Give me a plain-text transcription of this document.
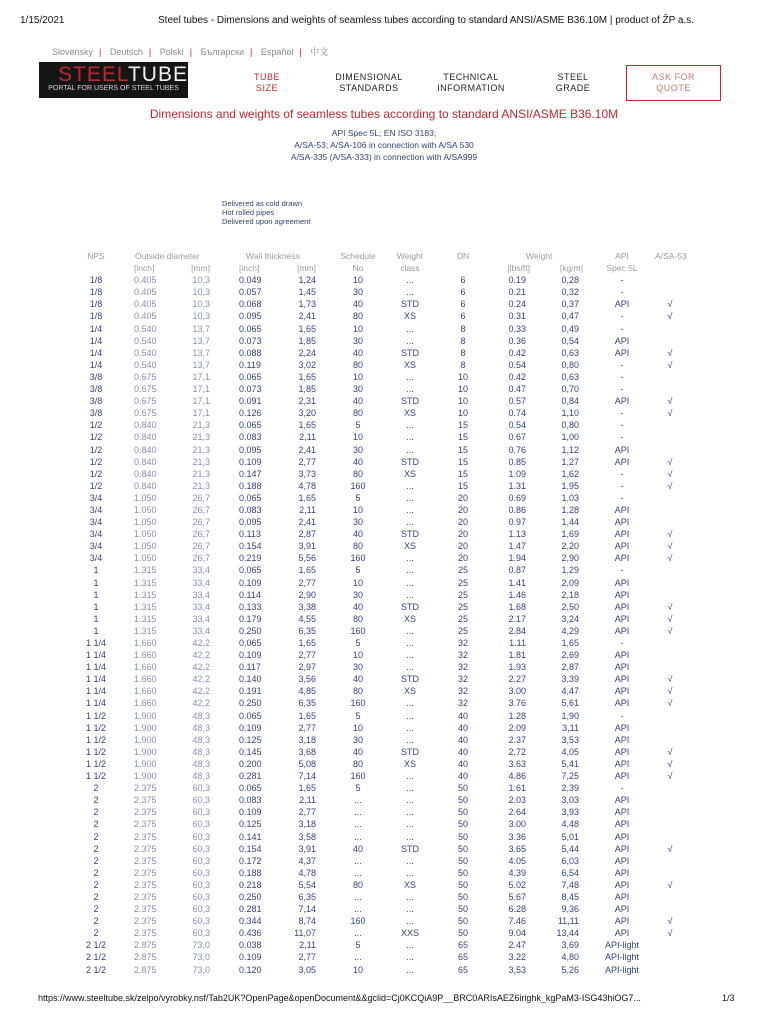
1/15/2021	Steel tubes - Dimensions and weights of seamless tubes according to standard ANSI/ASME B36.10M | product of ŽP a.s.
Slovensky | Deutsch | Polski | Български | Español | 中文
STEELTUBE
PORTAL FOR USERS OF STEEL TUBES
TUBE
SIZE
DIMENSIONAL
STANDARDS
TECHNICAL
INFORMATION
STEEL
GRADE
ASK FOR
QUOTE
Dimensions and weights of seamless tubes according to standard ANSI/ASME B36.10M
API Spec 5L; EN ISO 3183;
A/SA-53; A/SA-106 in connection with A/SA 530
A/SA-335 (A/SA-333) in connection with A/SA999
Delivered as cold drawn
Hot rolled pipes
Delivered upon agreement
NPS	Outside diameter	Wall thickness	Schedule	Weight	DN	Weight	API	A/SA-53
[inch]	[mm]	[inch]	[mm]	No	class	[lbs/ft]	[kg/m]	Spec 5L
1/8	0.405	10,3	0.049	1,24	10	...	6	0.19	0,28	-
1/8	0.405	10,3	0.057	1,45	30	...	6	0.21	0,32	-
1/8	0.405	10,3	0.068	1,73	40	STD	6	0.24	0,37	API	√
1/8	0.405	10,3	0.095	2,41	80	XS	6	0.31	0,47	-	√
1/4	0.540	13,7	0.065	1,65	10	...	8	0.33	0,49	-
1/4	0.540	13,7	0.073	1,85	30	...	8	0.36	0,54	API
1/4	0.540	13,7	0.088	2,24	40	STD	8	0.42	0,63	API	√
1/4	0.540	13,7	0.119	3,02	80	XS	8	0.54	0,80	-	√
3/8	0.675	17,1	0.065	1,65	10	...	10	0.42	0,63	-
3/8	0.675	17,1	0.073	1,85	30	...	10	0.47	0,70	-
3/8	0.675	17,1	0.091	2,31	40	STD	10	0.57	0,84	API	√
3/8	0.675	17,1	0.126	3,20	80	XS	10	0.74	1,10	-	√
1/2	0.840	21,3	0.065	1,65	5	...	15	0.54	0,80	-
1/2	0.840	21,3	0.083	2,11	10	...	15	0.67	1,00	-
1/2	0.840	21,3	0.095	2,41	30	...	15	0.76	1,12	API
1/2	0.840	21,3	0.109	2,77	40	STD	15	0.85	1,27	API	√
1/2	0.840	21,3	0.147	3,73	80	XS	15	1.09	1,62	-	√
1/2	0.840	21,3	0.188	4,78	160	...	15	1.31	1,95	-	√
3/4	1.050	26,7	0.065	1,65	5	...	20	0.69	1,03	-
3/4	1.050	26,7	0.083	2,11	10	...	20	0.86	1,28	API
3/4	1.050	26,7	0.095	2,41	30	...	20	0.97	1,44	API
3/4	1.050	26,7	0.113	2,87	40	STD	20	1.13	1,69	API	√
3/4	1.050	26,7	0.154	3,91	80	XS	20	1.47	2,20	API	√
3/4	1.050	26,7	0.219	5,56	160	...	20	1.94	2,90	API	√
1	1.315	33,4	0.065	1,65	5	...	25	0.87	1,29	-
1	1.315	33,4	0.109	2,77	10	...	25	1.41	2,09	API
1	1.315	33,4	0.114	2,90	30	...	25	1.46	2,18	API
1	1.315	33,4	0.133	3,38	40	STD	25	1.68	2,50	API	√
1	1.315	33,4	0.179	4,55	80	XS	25	2.17	3,24	API	√
1	1.315	33,4	0.250	6,35	160	...	25	2.84	4,29	API	√
1 1/4	1.660	42,2	0.065	1,65	5	...	32	1.11	1,65	-
1 1/4	1.660	42,2	0.109	2,77	10	...	32	1.81	2,69	API
1 1/4	1.660	42,2	0.117	2,97	30	...	32	1.93	2,87	API
1 1/4	1.660	42,2	0.140	3,56	40	STD	32	2.27	3,39	API	√
1 1/4	1.660	42,2	0.191	4,85	80	XS	32	3.00	4,47	API	√
1 1/4	1.660	42,2	0.250	6,35	160	...	32	3.76	5,61	API	√
1 1/2	1.900	48,3	0.065	1,65	5	...	40	1.28	1,90	-
1 1/2	1.900	48,3	0.109	2,77	10	...	40	2.09	3,11	API
1 1/2	1.900	48,3	0.125	3,18	30	...	40	2.37	3,53	API
1 1/2	1.900	48,3	0.145	3,68	40	STD	40	2.72	4,05	API	√
1 1/2	1.900	48,3	0.200	5,08	80	XS	40	3.63	5,41	API	√
1 1/2	1.900	48,3	0.281	7,14	160	...	40	4.86	7,25	API	√
2	2.375	60,3	0.065	1,65	5	...	50	1.61	2,39	-
2	2.375	60,3	0.083	2,11	...	...	50	2.03	3,03	API
2	2.375	60,3	0.109	2,77	...	...	50	2.64	3,93	API
2	2.375	60,3	0.125	3,18	...	...	50	3.00	4,48	API
2	2.375	60,3	0.141	3,58	...	...	50	3.36	5,01	API
2	2.375	60,3	0.154	3,91	40	STD	50	3.65	5,44	API	√
2	2.375	60,3	0.172	4,37	...	...	50	4.05	6,03	API
2	2.375	60,3	0.188	4,78	...	...	50	4.39	6,54	API
2	2.375	60,3	0.218	5,54	80	XS	50	5.02	7,48	API	√
2	2.375	60,3	0.250	6,35	...	...	50	5.67	8,45	API
2	2.375	60,3	0.281	7,14	...	...	50	6.28	9,36	API
2	2.375	60,3	0.344	8,74	160	...	50	7.46	11,11	API	√
2	2.375	60,3	0.436	11,07	...	XXS	50	9.04	13,44	API	√
2 1/2	2.875	73,0	0.038	2,11	5	...	65	2.47	3,69	API-light
2 1/2	2.875	73,0	0.109	2,77	...	...	65	3.22	4,80	API-light
2 1/2	2.875	73,0	0.120	3,05	10	...	65	3,53	5,26	API-light
https://www.steeltube.sk/zelpo/vyrobky.nsf/Tab2UK?OpenPage&openDocument&&gclid=Cj0KCQiA9P__BRC0ARIsAEZ6irighk_kgPaM3-ISG43hiOG7...	1/3
